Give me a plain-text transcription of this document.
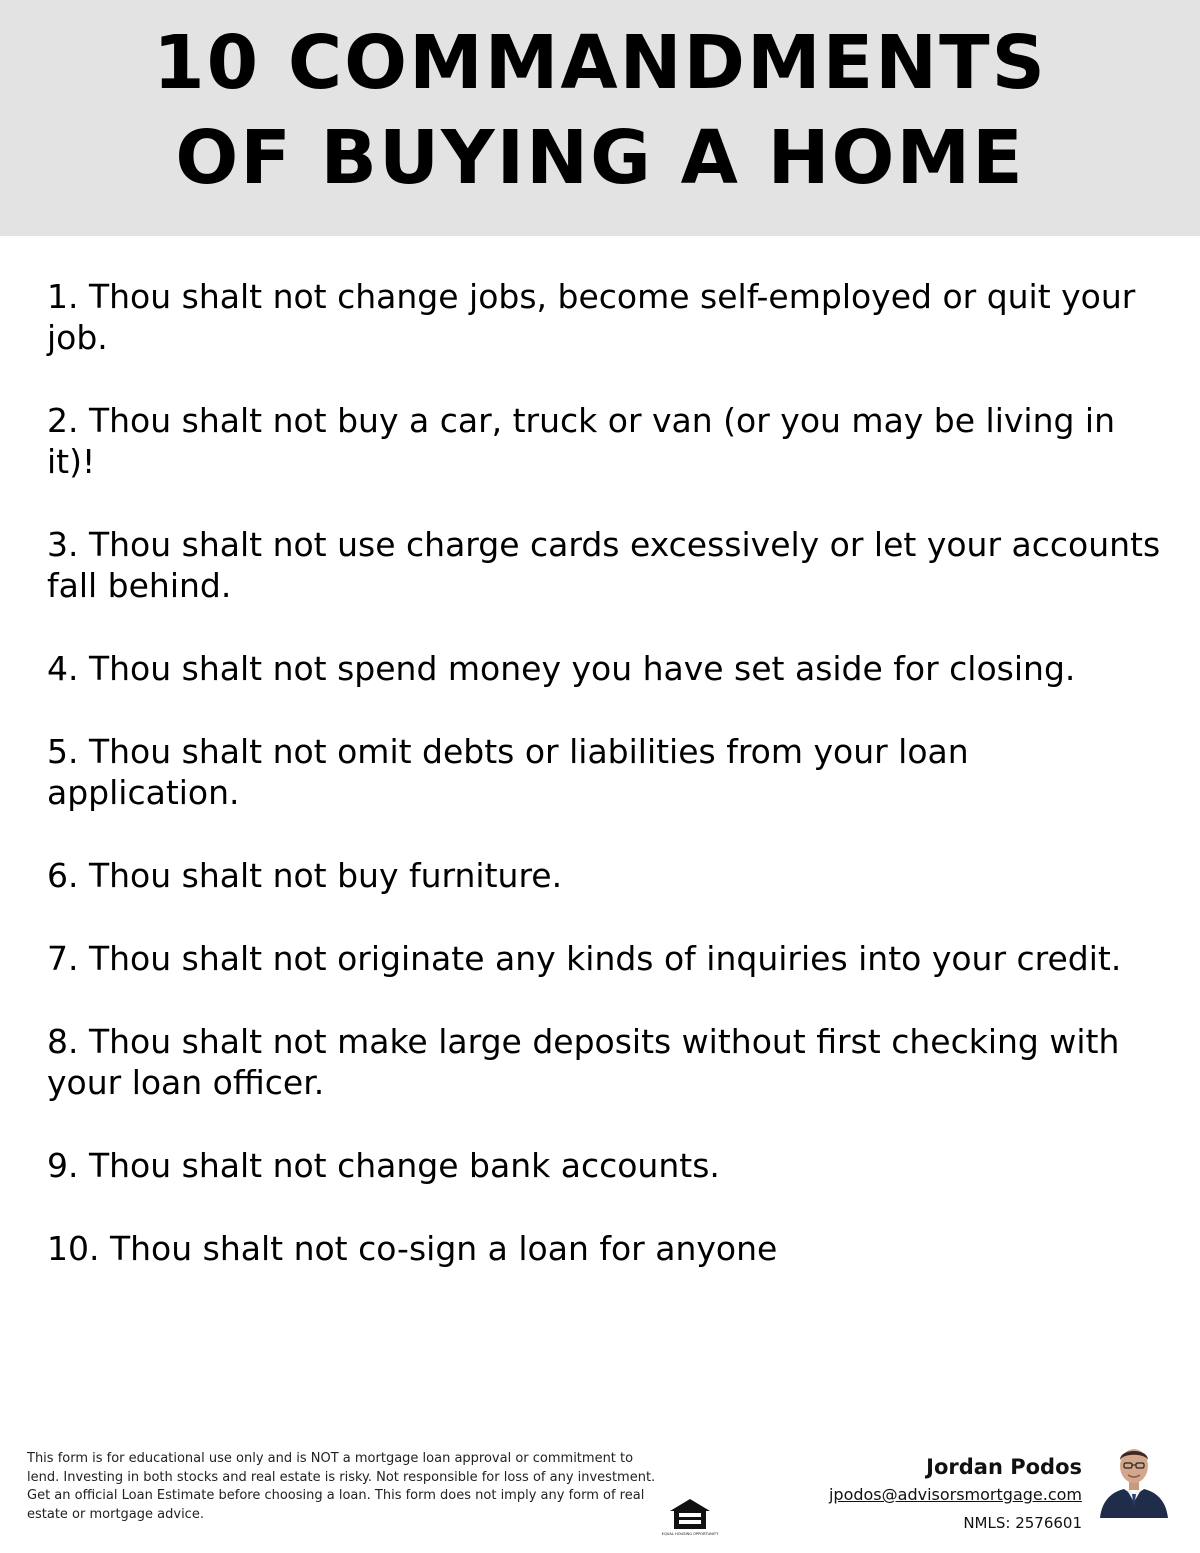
10 COMMANDMENTS
OF BUYING A HOME
1. Thou shalt not change jobs, become self-employed or quit your job.
2. Thou shalt not buy a car, truck or van (or you may be living in it)!
3. Thou shalt not use charge cards excessively or let your accounts fall behind.
4. Thou shalt not spend money you have set aside for closing.
5. Thou shalt not omit debts or liabilities from your loan application.
6. Thou shalt not buy furniture.
7. Thou shalt not originate any kinds of inquiries into your credit.
8. Thou shalt not make large deposits without first checking with your loan officer.
9. Thou shalt not change bank accounts.
10. Thou shalt not co-sign a loan for anyone
This form is for educational use only and is NOT a mortgage loan approval or commitment to lend. Investing in both stocks and real estate is risky. Not responsible for loss of any investment. Get an official Loan Estimate before choosing a loan. This form does not imply any form of real estate or mortgage advice.
EQUAL HOUSING OPPORTUNITY
Jordan Podos
jpodos@advisorsmortgage.com
NMLS: 2576601
